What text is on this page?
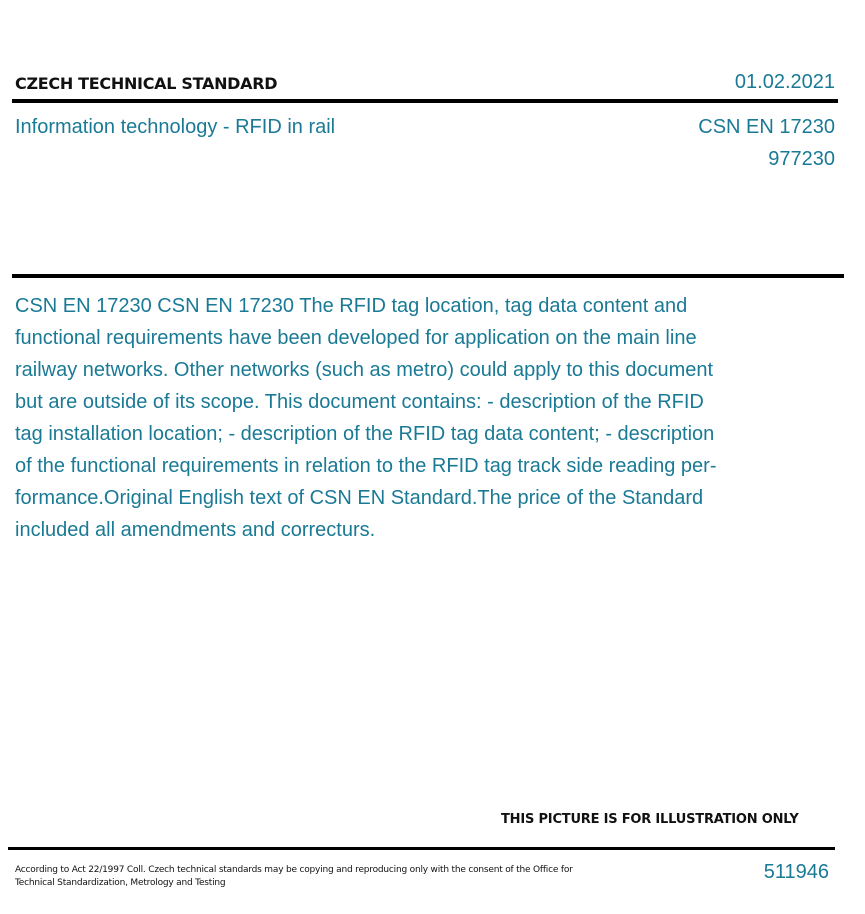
CZECH TECHNICAL STANDARD	01.02.2021
Information technology - RFID in rail	CSN EN 17230
977230

CSN EN 17230 CSN EN 17230 The RFID tag location, tag data content and functional requirements have been developed for application on the main line railway networks. Other networks (such as metro) could apply to this document but are outside of its scope. This document contains: - description of the RFID tag installation location; - description of the RFID tag data content; - description of the functional requirements in relation to the RFID tag track side reading per-formance.Original English text of CSN EN Standard.The price of the Standard included all amendments and correcturs.

THIS PICTURE IS FOR ILLUSTRATION ONLY
According to Act 22/1997 Coll. Czech technical standards may be copying and reproducing only with the consent of the Office for Technical Standardization, Metrology and Testing	511946
